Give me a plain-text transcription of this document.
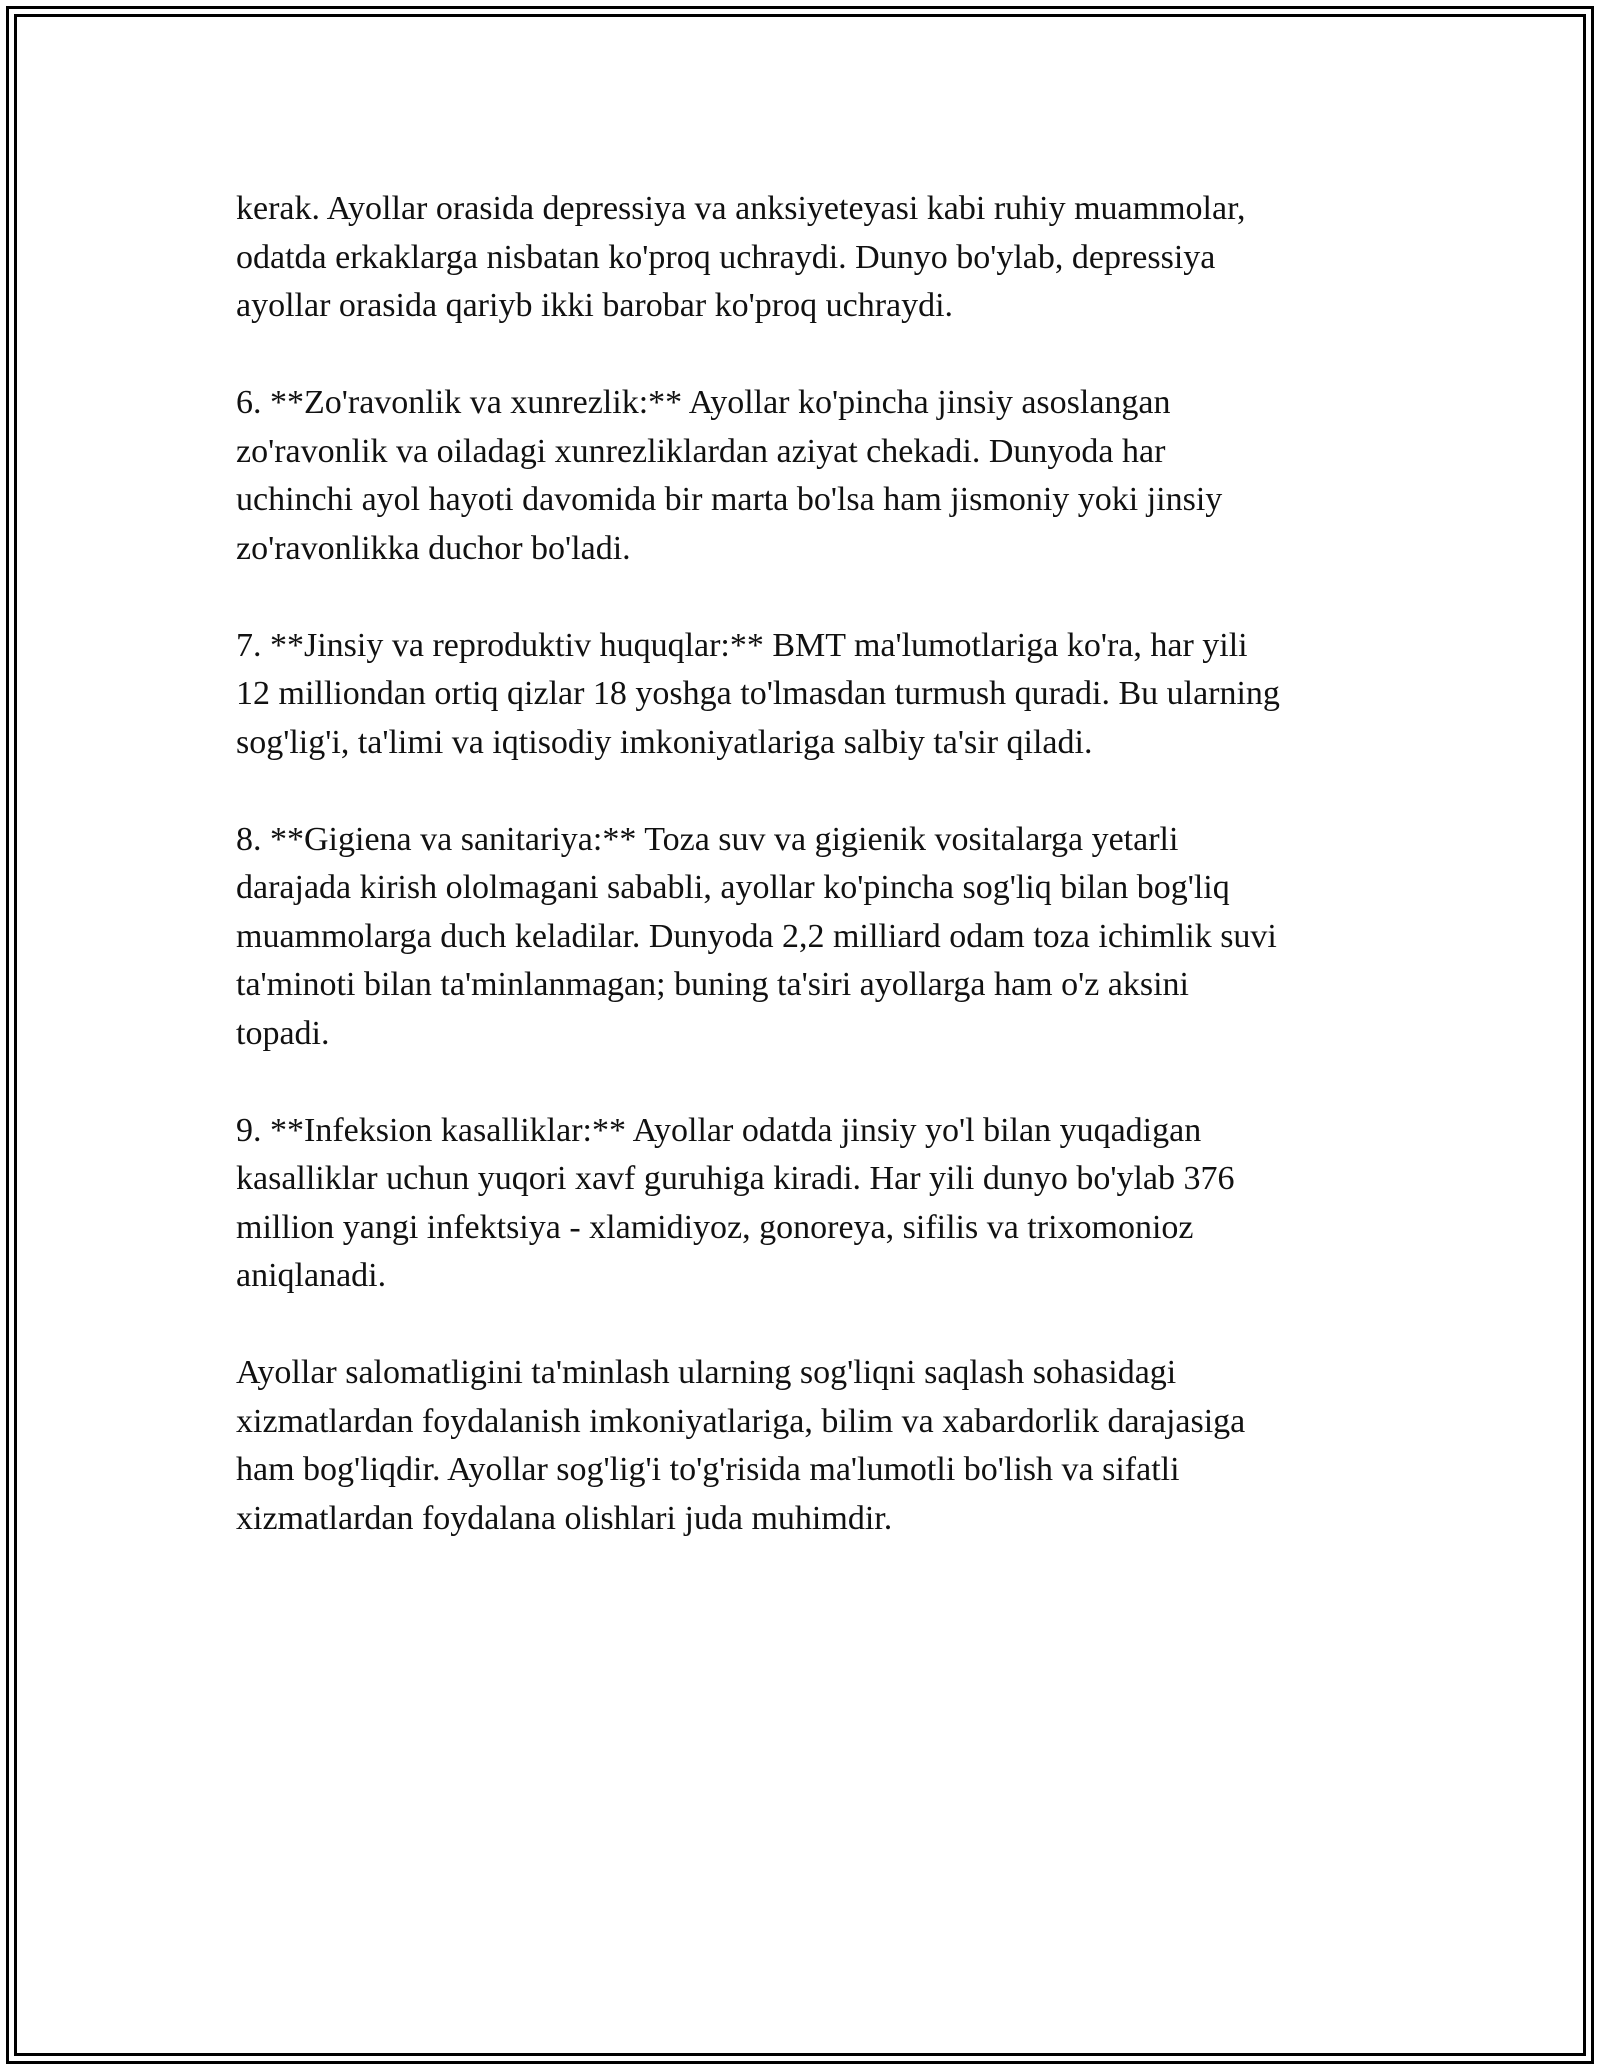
kerak. Ayollar orasida depressiya va anksiyeteyasi kabi ruhiy muammolar,
odatda erkaklarga nisbatan ko'proq uchraydi. Dunyo bo'ylab, depressiya
ayollar orasida qariyb ikki barobar ko'proq uchraydi.

6. **Zo'ravonlik va xunrezlik:** Ayollar ko'pincha jinsiy asoslangan
zo'ravonlik va oiladagi xunrezliklardan aziyat chekadi. Dunyoda har
uchinchi ayol hayoti davomida bir marta bo'lsa ham jismoniy yoki jinsiy
zo'ravonlikka duchor bo'ladi.

7. **Jinsiy va reproduktiv huquqlar:** BMT ma'lumotlariga ko'ra, har yili
12 milliondan ortiq qizlar 18 yoshga to'lmasdan turmush quradi. Bu ularning
sog'lig'i, ta'limi va iqtisodiy imkoniyatlariga salbiy ta'sir qiladi.

8. **Gigiena va sanitariya:** Toza suv va gigienik vositalarga yetarli
darajada kirish ololmagani sababli, ayollar ko'pincha sog'liq bilan bog'liq
muammolarga duch keladilar. Dunyoda 2,2 milliard odam toza ichimlik suvi
ta'minoti bilan ta'minlanmagan; buning ta'siri ayollarga ham o'z aksini
topadi.

9. **Infeksion kasalliklar:** Ayollar odatda jinsiy yo'l bilan yuqadigan
kasalliklar uchun yuqori xavf guruhiga kiradi. Har yili dunyo bo'ylab 376
million yangi infektsiya - xlamidiyoz, gonoreya, sifilis va trixomonioz
aniqlanadi.

Ayollar salomatligini ta'minlash ularning sog'liqni saqlash sohasidagi
xizmatlardan foydalanish imkoniyatlariga, bilim va xabardorlik darajasiga
ham bog'liqdir. Ayollar sog'lig'i to'g'risida ma'lumotli bo'lish va sifatli
xizmatlardan foydalana olishlari juda muhimdir.
